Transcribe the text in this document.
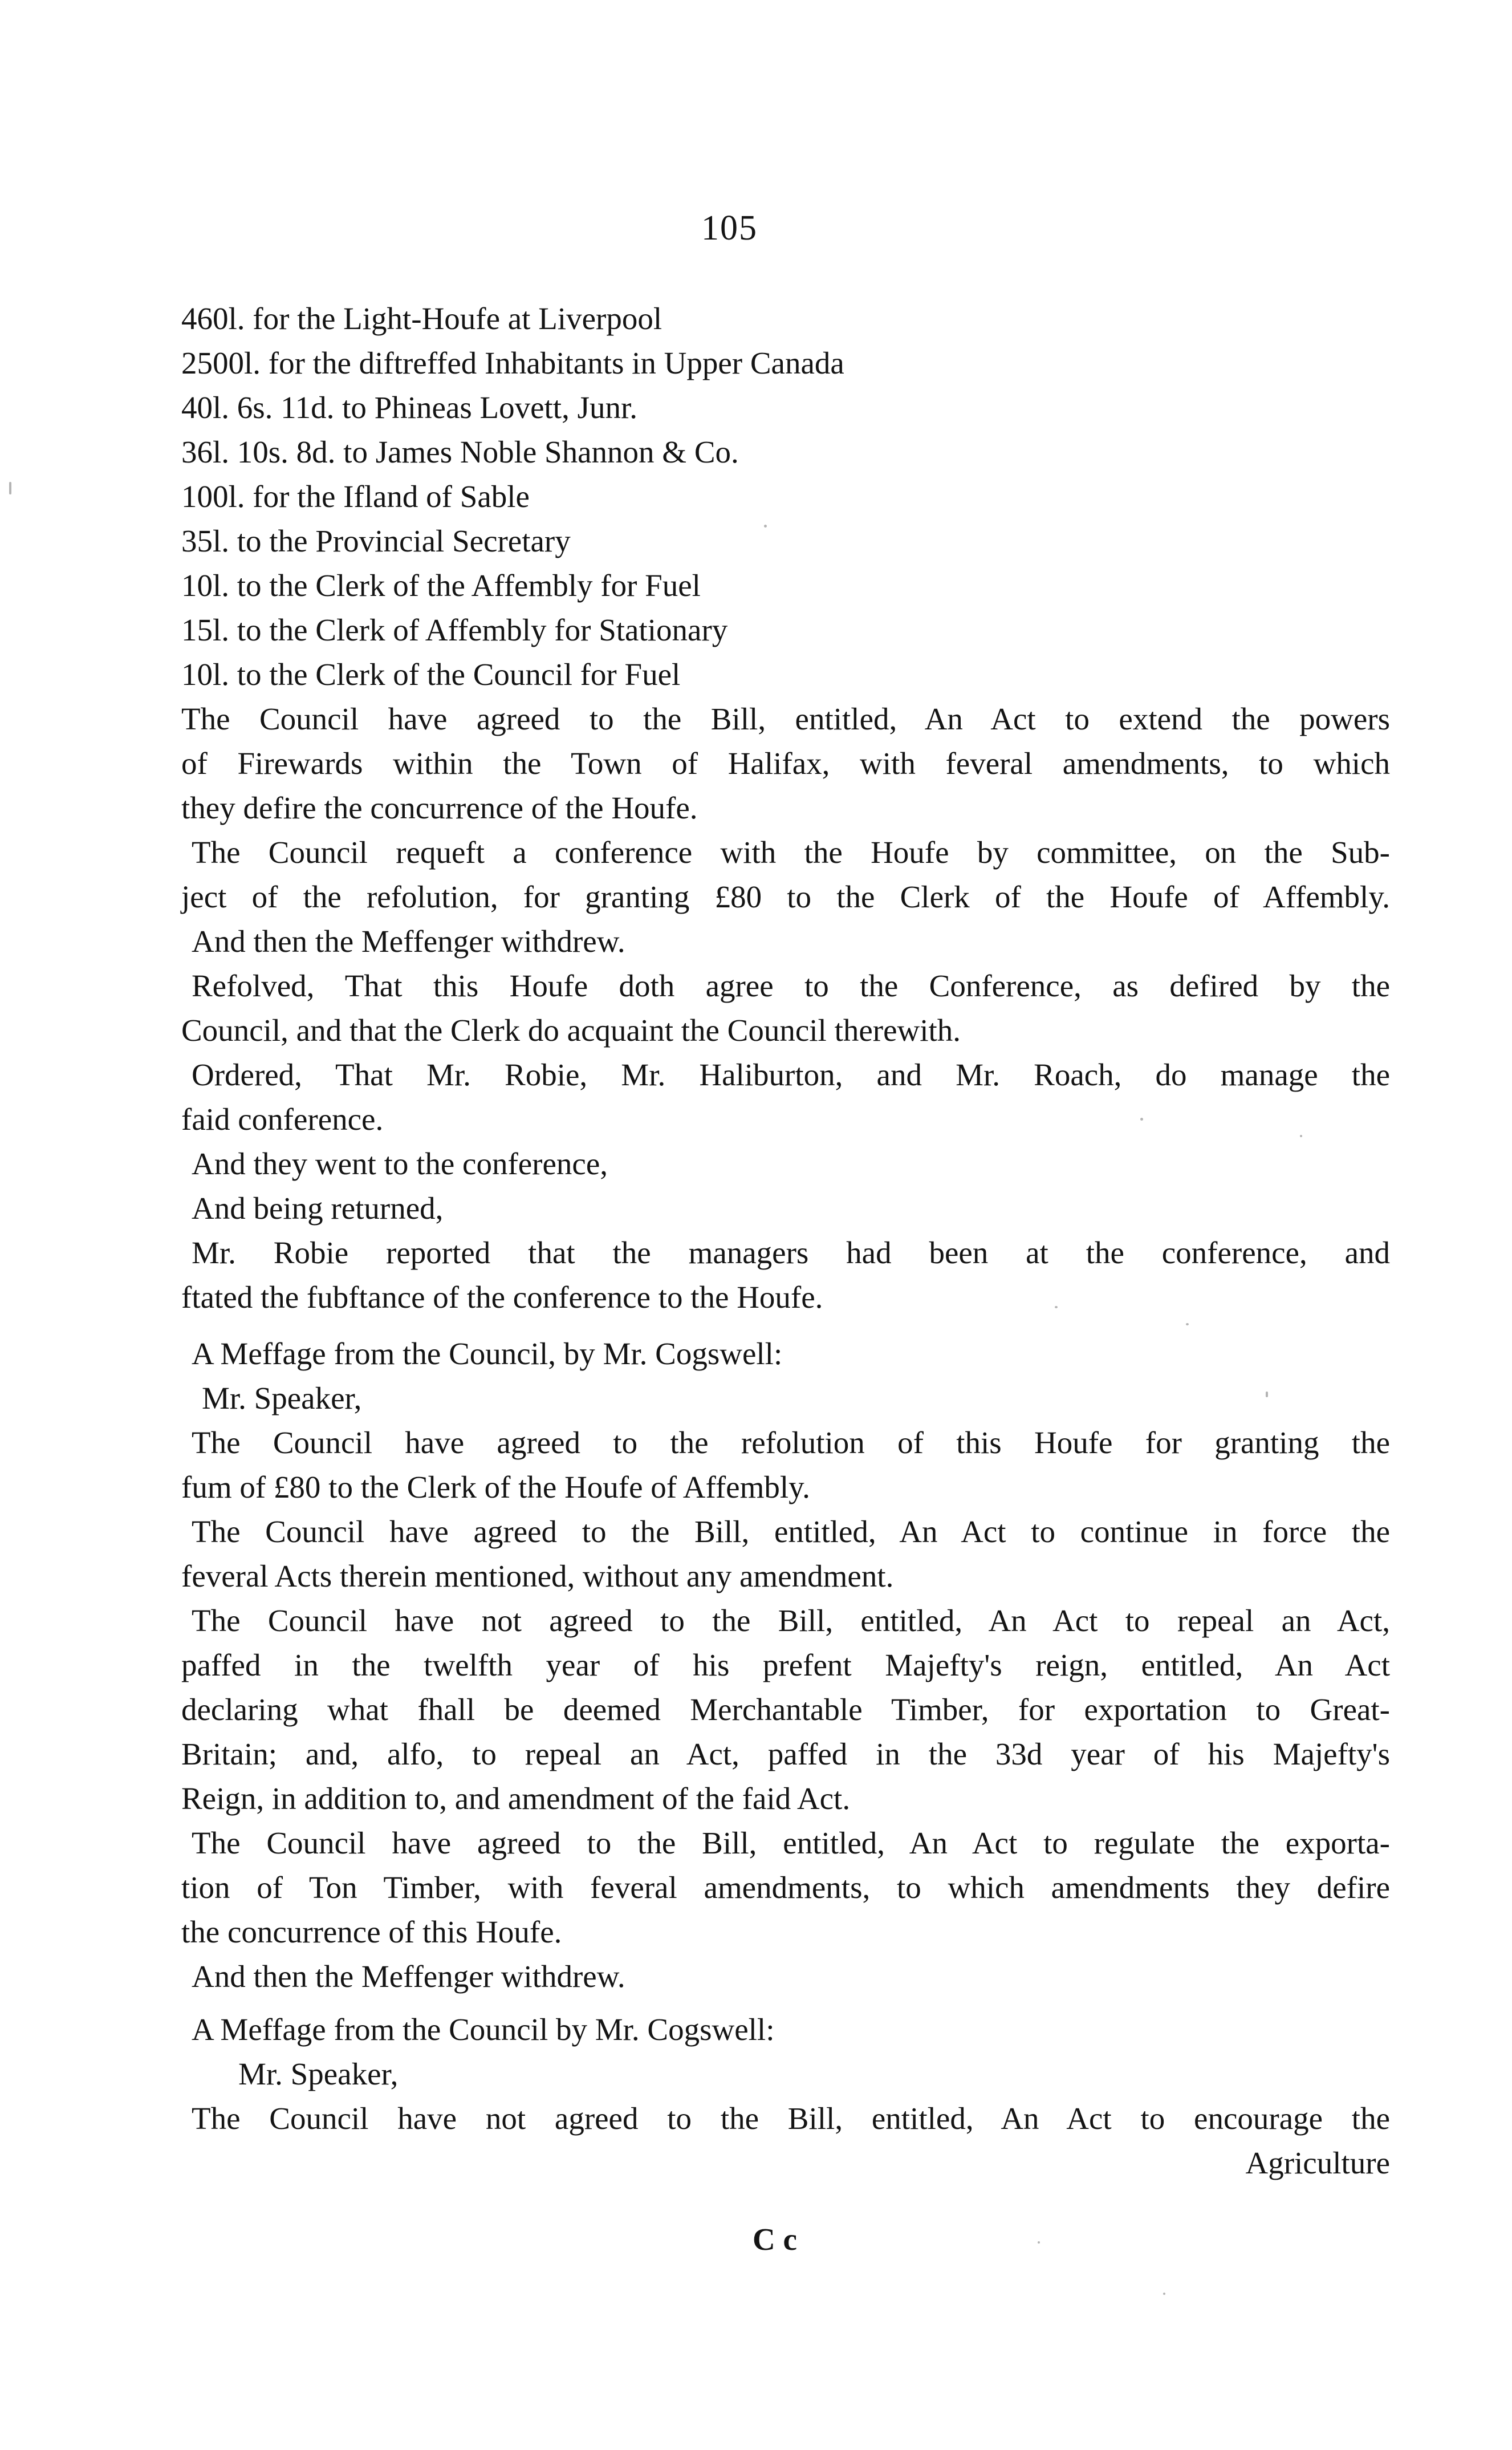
105
460l. for the Light-Houfe at Liverpool
2500l. for the diftreffed Inhabitants in Upper Canada
40l. 6s. 11d. to Phineas Lovett, Junr.
36l. 10s. 8d. to James Noble Shannon & Co.
100l. for the Ifland of Sable
35l. to the Provincial Secretary
10l. to the Clerk of the Affembly for Fuel
15l. to the Clerk of Affembly for Stationary
10l. to the Clerk of the Council for Fuel
The Council have agreed to the Bill, entitled, An Act to extend the powers
of Firewards within the Town of Halifax, with feveral amendments, to which
they defire the concurrence of the Houfe.
The Council requeft a conference with the Houfe by committee, on the Sub-
ject of the refolution, for granting £80 to the Clerk of the Houfe of Affembly.
And then the Meffenger withdrew.
Refolved, That this Houfe doth agree to the Conference, as defired by the
Council, and that the Clerk do acquaint the Council therewith.
Ordered, That Mr. Robie, Mr. Haliburton, and Mr. Roach, do manage the
faid conference.
And they went to the conference,
And being returned,
Mr. Robie reported that the managers had been at the conference, and
ftated the fubftance of the conference to the Houfe.
A Meffage from the Council, by Mr. Cogswell:
Mr. Speaker,
The Council have agreed to the refolution of this Houfe for granting the
fum of £80 to the Clerk of the Houfe of Affembly.
The Council have agreed to the Bill, entitled, An Act to continue in force the
feveral Acts therein mentioned, without any amendment.
The Council have not agreed to the Bill, entitled, An Act to repeal an Act,
paffed in the twelfth year of his prefent Majefty's reign, entitled, An Act
declaring what fhall be deemed Merchantable Timber, for exportation to Great-
Britain; and, alfo, to repeal an Act, paffed in the 33d year of his Majefty's
Reign, in addition to, and amendment of the faid Act.
The Council have agreed to the Bill, entitled, An Act to regulate the exporta-
tion of Ton Timber, with feveral amendments, to which amendments they defire
the concurrence of this Houfe.
And then the Meffenger withdrew.
A Meffage from the Council by Mr. Cogswell:
Mr. Speaker,
The Council have not agreed to the Bill, entitled, An Act to encourage the
Agriculture
C c
